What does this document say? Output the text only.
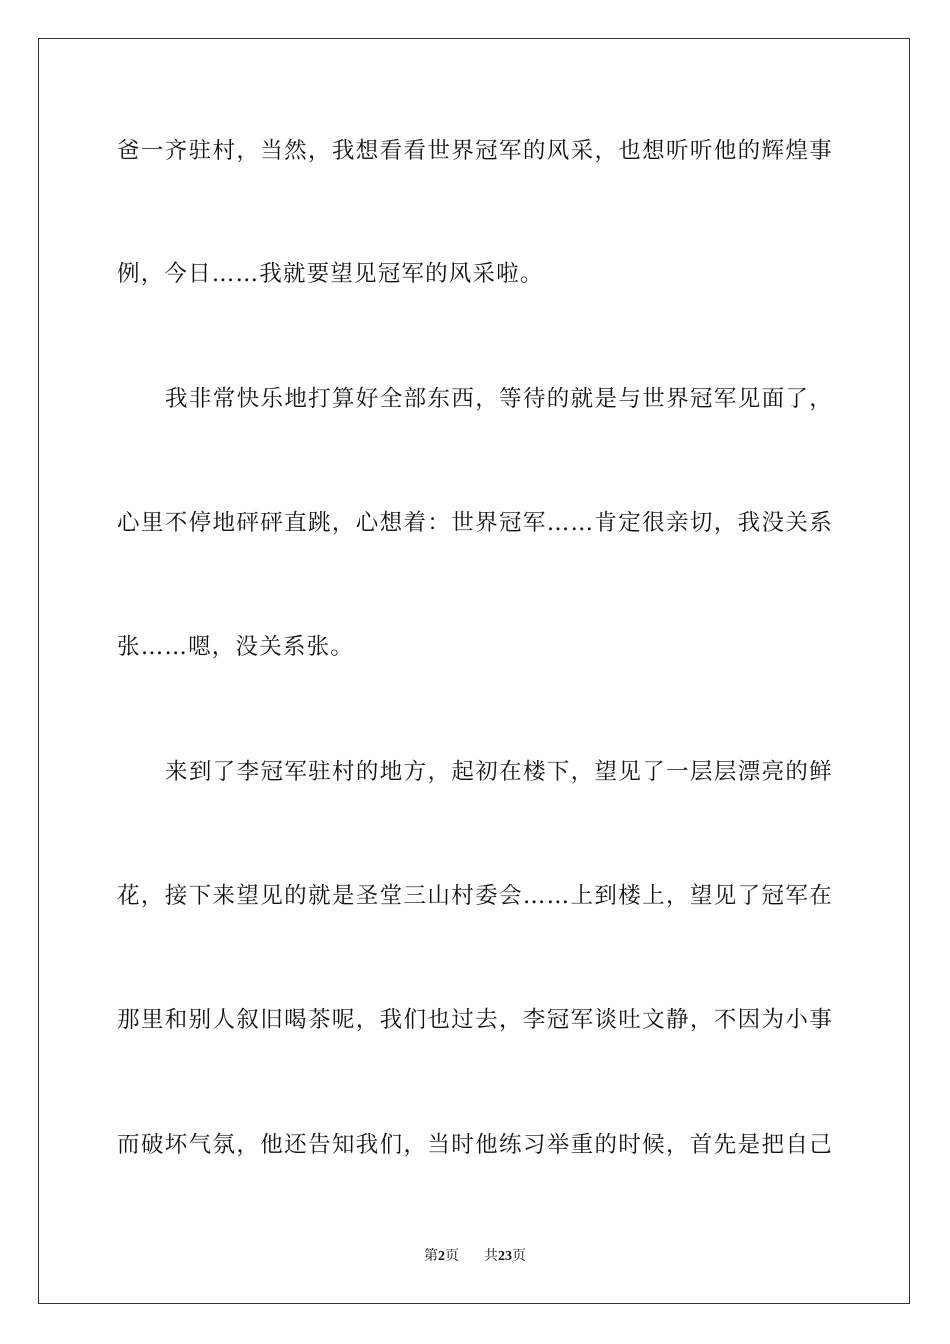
爸一齐驻村，当然，我想看看世界冠军的风采，也想听听他的辉煌事
例，今日……我就要望见冠军的风采啦。
我非常快乐地打算好全部东西，等待的就是与世界冠军见面了，
心里不停地砰砰直跳，心想着：世界冠军……肯定很亲切，我没关系
张……嗯，没关系张。
来到了李冠军驻村的地方，起初在楼下，望见了一层层漂亮的鲜
花，接下来望见的就是圣堂三山村委会……上到楼上，望见了冠军在
那里和别人叙旧喝茶呢，我们也过去，李冠军谈吐文静，不因为小事
而破坏气氛，他还告知我们，当时他练习举重的时候，首先是把自己
第2页 共23页
